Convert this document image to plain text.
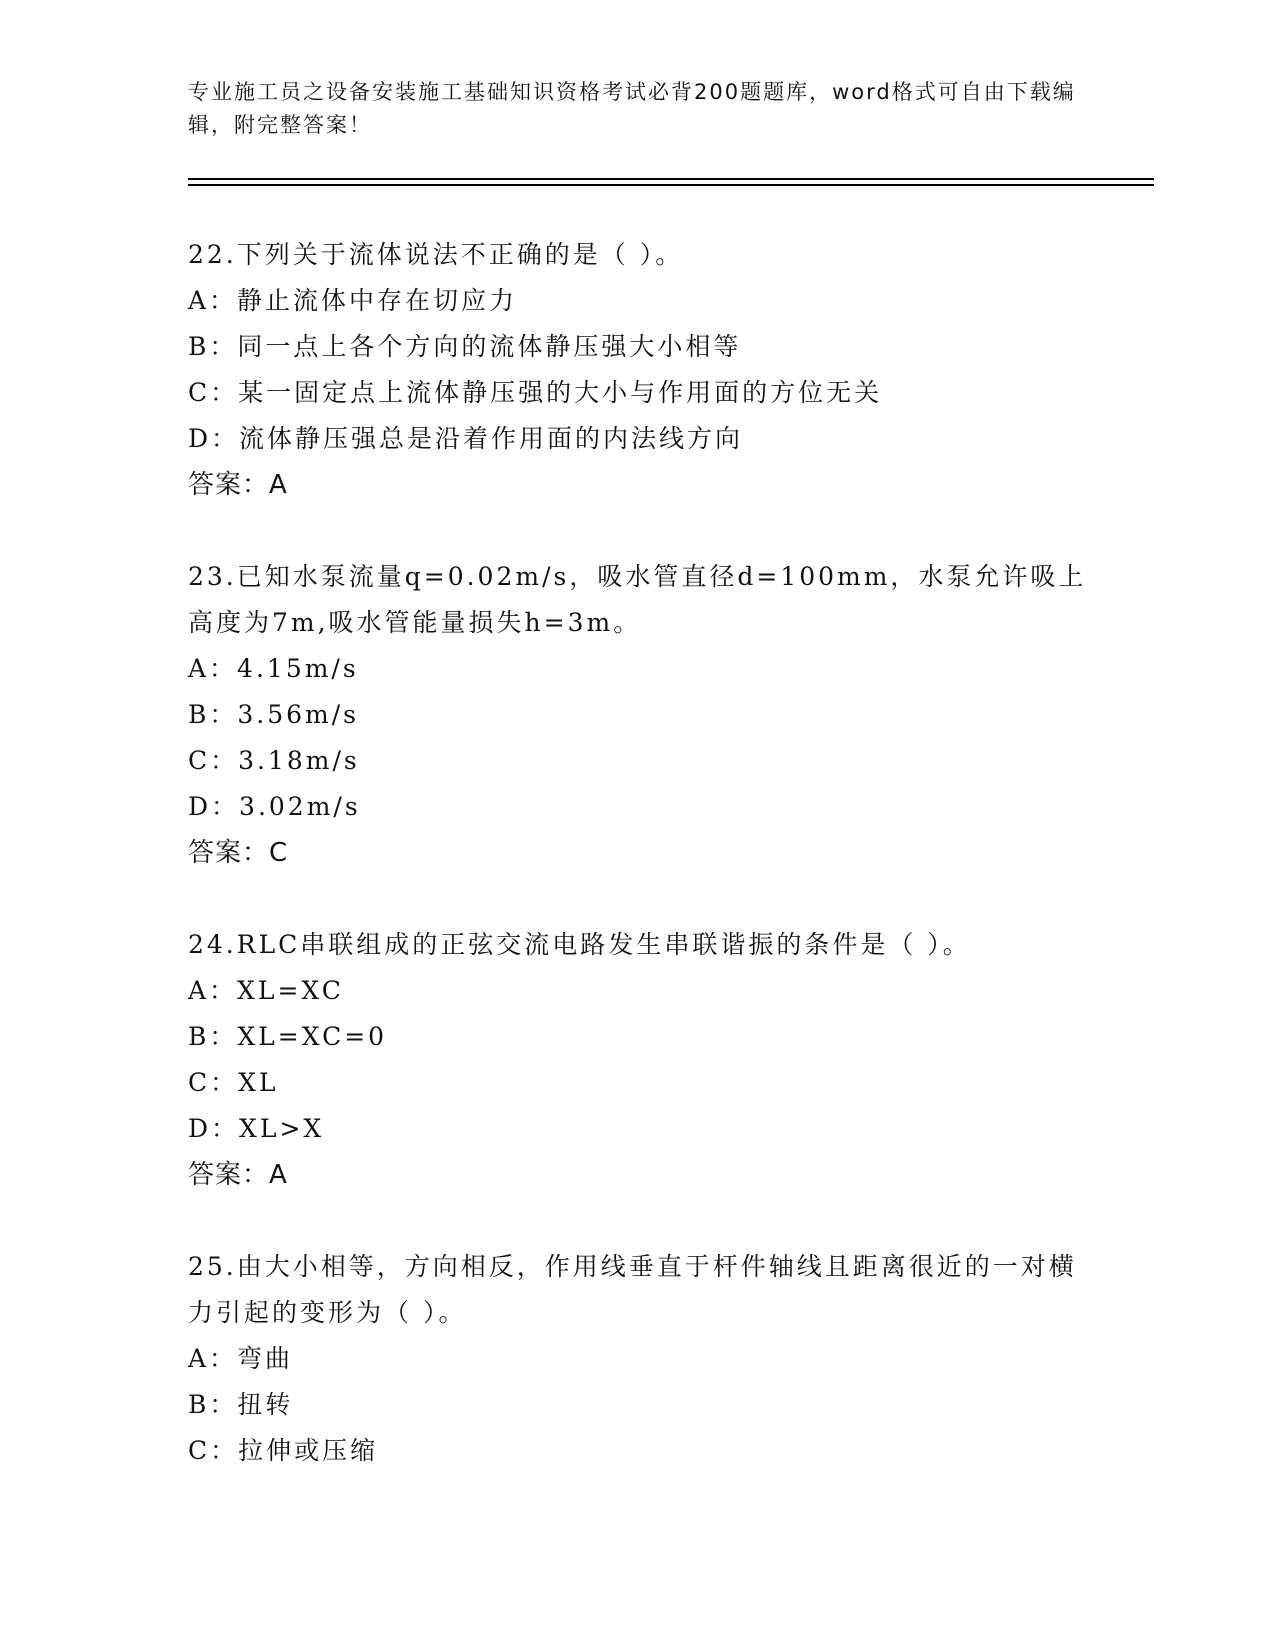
专业施工员之设备安装施工基础知识资格考试必背200题题库，word格式可自由下载编辑，附完整答案！
22.下列关于流体说法不正确的是（ ）。
A：静止流体中存在切应力
B：同一点上各个方向的流体静压强大小相等
C：某一固定点上流体静压强的大小与作用面的方位无关
D：流体静压强总是沿着作用面的内法线方向
答案：A
23.已知水泵流量q=0.02m/s，吸水管直径d=100mm，水泵允许吸上高度为7m,吸水管能量损失h=3m。
A：4.15m/s
B：3.56m/s
C：3.18m/s
D：3.02m/s
答案：C
24.RLC串联组成的正弦交流电路发生串联谐振的条件是（ ）。
A：XL=XC
B：XL=XC=0
C：XL
D：XL>X
答案：A
25.由大小相等，方向相反，作用线垂直于杆件轴线且距离很近的一对横力引起的变形为（ ）。
A：弯曲
B：扭转
C：拉伸或压缩
